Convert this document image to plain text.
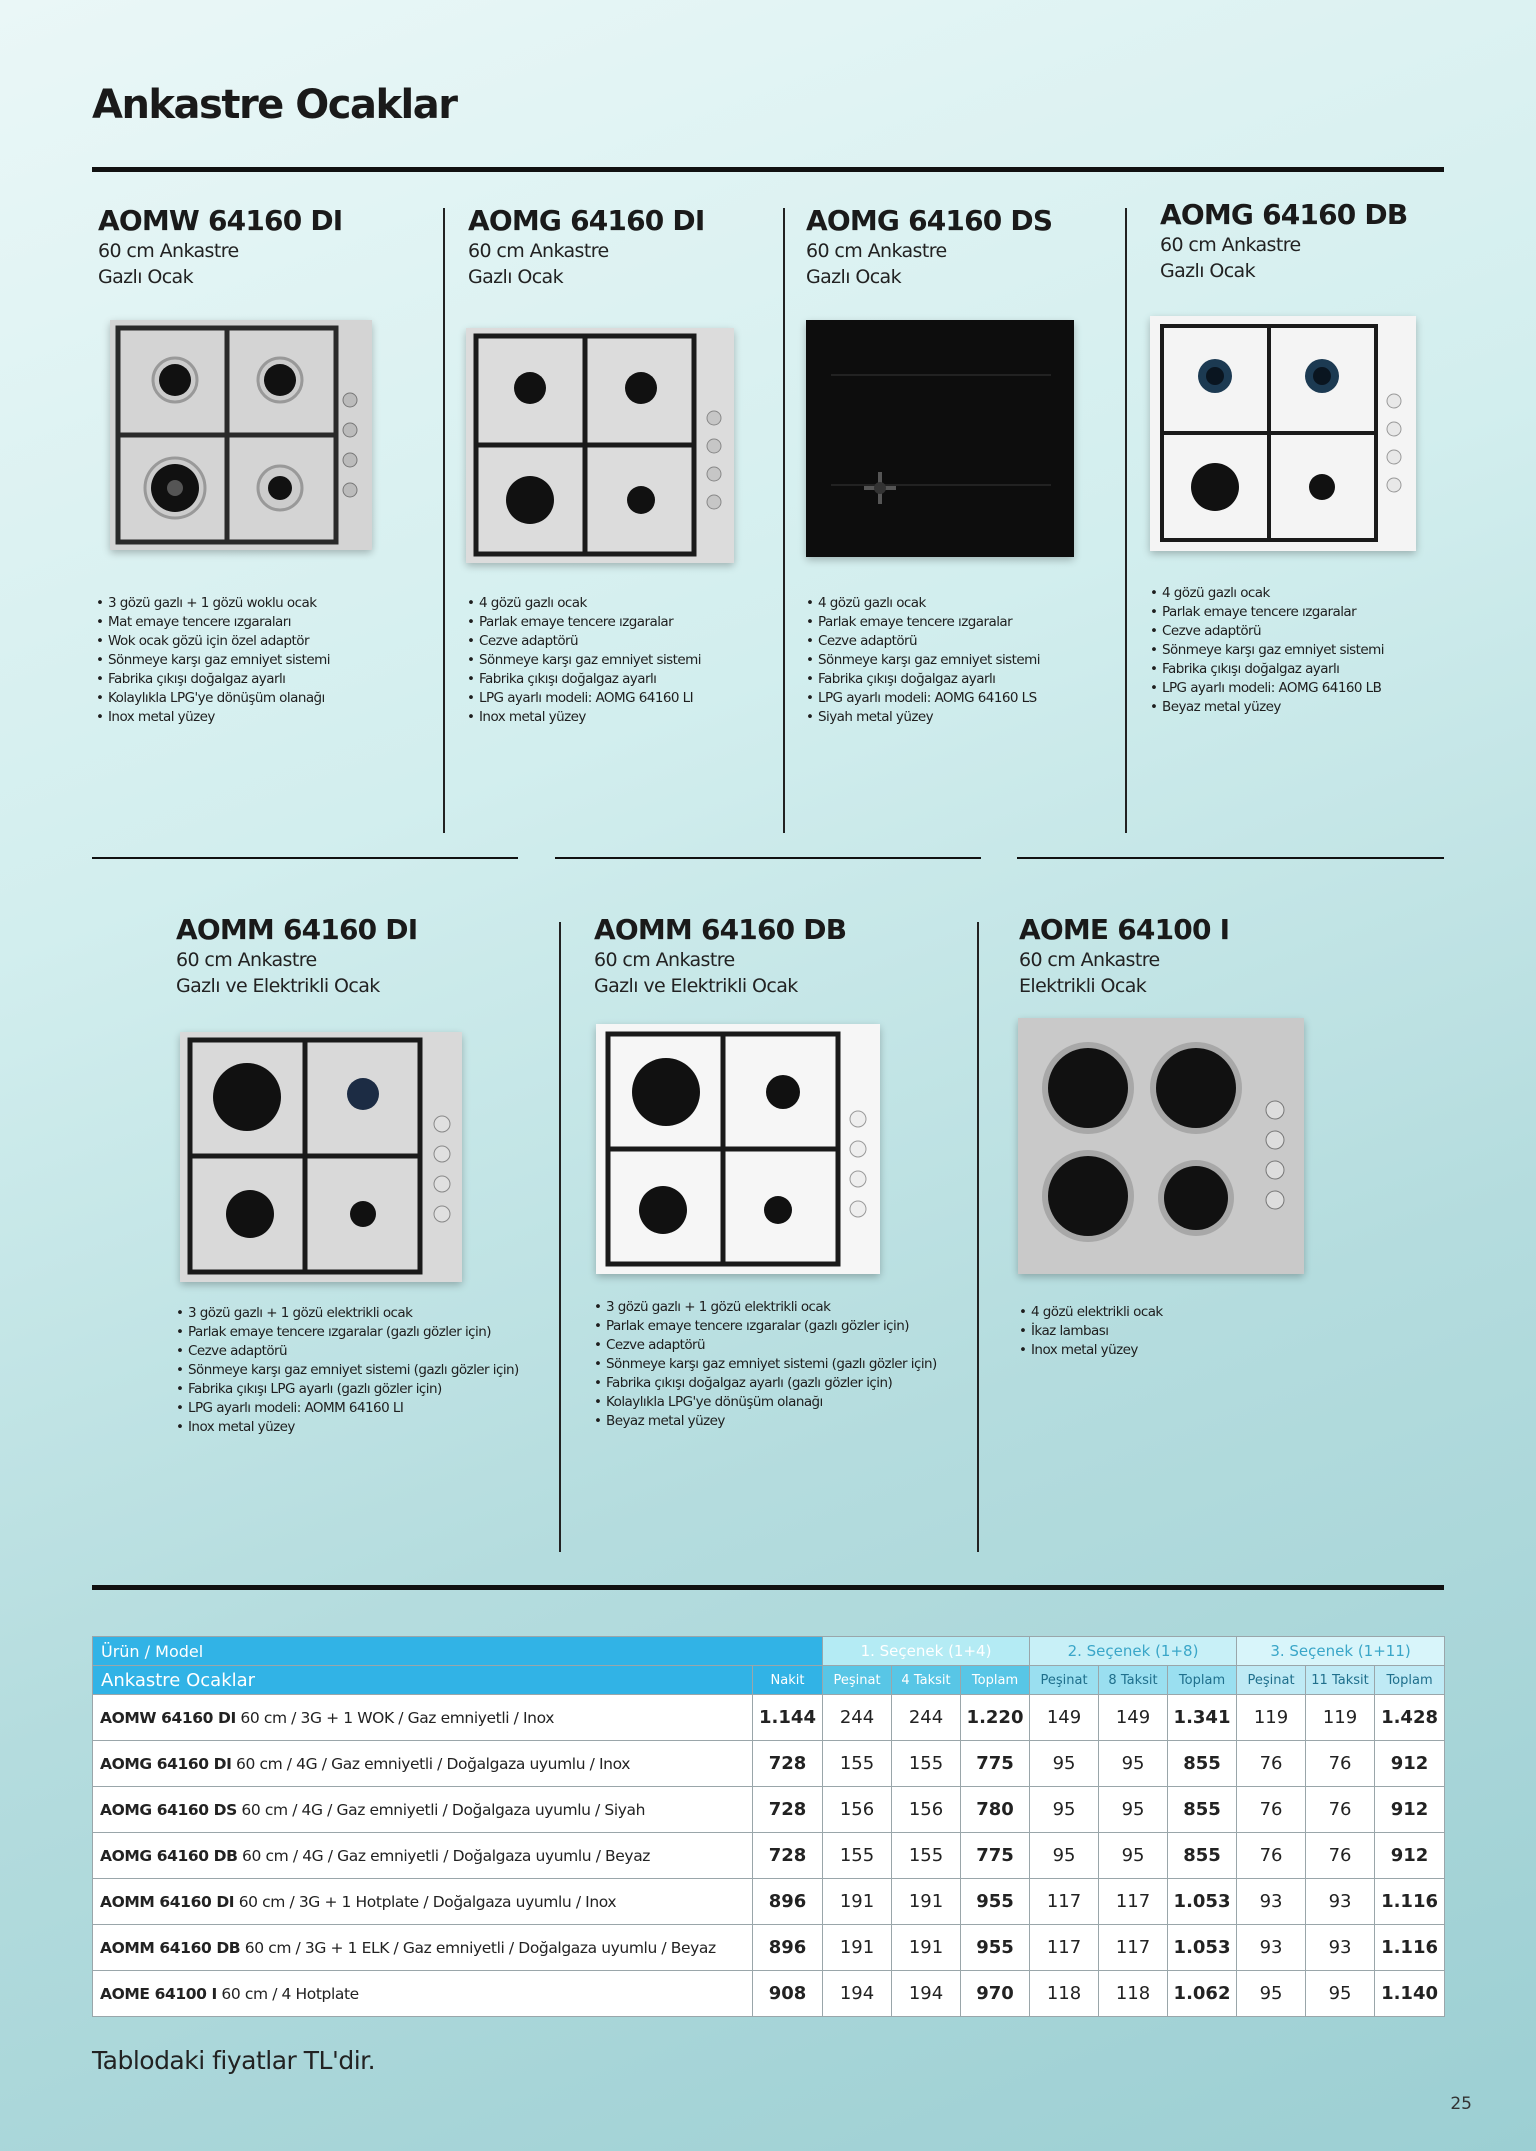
Ankastre Ocaklar
AOMW 64160 DI
60 cm Ankastre
Gazlı Ocak
• 3 gözü gazlı + 1 gözü woklu ocak
• Mat emaye tencere ızgaraları
• Wok ocak gözü için özel adaptör
• Sönmeye karşı gaz emniyet sistemi
• Fabrika çıkışı doğalgaz ayarlı
• Kolaylıkla LPG'ye dönüşüm olanağı
• Inox metal yüzey
AOMG 64160 DI
60 cm Ankastre
Gazlı Ocak
• 4 gözü gazlı ocak
• Parlak emaye tencere ızgaralar
• Cezve adaptörü
• Sönmeye karşı gaz emniyet sistemi
• Fabrika çıkışı doğalgaz ayarlı
• LPG ayarlı modeli: AOMG 64160 LI
• Inox metal yüzey
AOMG 64160 DS
60 cm Ankastre
Gazlı Ocak
• 4 gözü gazlı ocak
• Parlak emaye tencere ızgaralar
• Cezve adaptörü
• Sönmeye karşı gaz emniyet sistemi
• Fabrika çıkışı doğalgaz ayarlı
• LPG ayarlı modeli: AOMG 64160 LS
• Siyah metal yüzey
AOMG 64160 DB
60 cm Ankastre
Gazlı Ocak
• 4 gözü gazlı ocak
• Parlak emaye tencere ızgaralar
• Cezve adaptörü
• Sönmeye karşı gaz emniyet sistemi
• Fabrika çıkışı doğalgaz ayarlı
• LPG ayarlı modeli: AOMG 64160 LB
• Beyaz metal yüzey
AOMM 64160 DI
60 cm Ankastre
Gazlı ve Elektrikli Ocak
• 3 gözü gazlı + 1 gözü elektrikli ocak
• Parlak emaye tencere ızgaralar (gazlı gözler için)
• Cezve adaptörü
• Sönmeye karşı gaz emniyet sistemi (gazlı gözler için)
• Fabrika çıkışı LPG ayarlı (gazlı gözler için)
• LPG ayarlı modeli: AOMM 64160 LI
• Inox metal yüzey
AOMM 64160 DB
60 cm Ankastre
Gazlı ve Elektrikli Ocak
• 3 gözü gazlı + 1 gözü elektrikli ocak
• Parlak emaye tencere ızgaralar (gazlı gözler için)
• Cezve adaptörü
• Sönmeye karşı gaz emniyet sistemi (gazlı gözler için)
• Fabrika çıkışı doğalgaz ayarlı (gazlı gözler için)
• Kolaylıkla LPG'ye dönüşüm olanağı
• Beyaz metal yüzey
AOME 64100 I
60 cm Ankastre
Elektrikli Ocak
• 4 gözü elektrikli ocak
• İkaz lambası
• Inox metal yüzey
Ürün / Model		1. Seçenek (1+4)			2. Seçenek (1+8)			3. Seçenek (1+11)		
Ankastre Ocaklar	Nakit	Peşinat	4 Taksit	Toplam	Peşinat	8 Taksit	Toplam	Peşinat	11 Taksit	Toplam
AOMW 64160 DI 60 cm / 3G + 1 WOK / Gaz emniyetli / Inox	1.144	244	244	1.220	149	149	1.341	119	119	1.428
AOMG 64160 DI 60 cm / 4G / Gaz emniyetli / Doğalgaza uyumlu / Inox	728	155	155	775	95	95	855	76	76	912
AOMG 64160 DS 60 cm / 4G / Gaz emniyetli / Doğalgaza uyumlu / Siyah	728	156	156	780	95	95	855	76	76	912
AOMG 64160 DB 60 cm / 4G / Gaz emniyetli / Doğalgaza uyumlu / Beyaz	728	155	155	775	95	95	855	76	76	912
AOMM 64160 DI 60 cm / 3G + 1 Hotplate / Doğalgaza uyumlu / Inox	896	191	191	955	117	117	1.053	93	93	1.116
AOMM 64160 DB 60 cm / 3G + 1 ELK / Gaz emniyetli / Doğalgaza uyumlu / Beyaz	896	191	191	955	117	117	1.053	93	93	1.116
AOME 64100 I 60 cm / 4 Hotplate	908	194	194	970	118	118	1.062	95	95	1.140
Tablodaki fiyatlar TL'dir.
25
